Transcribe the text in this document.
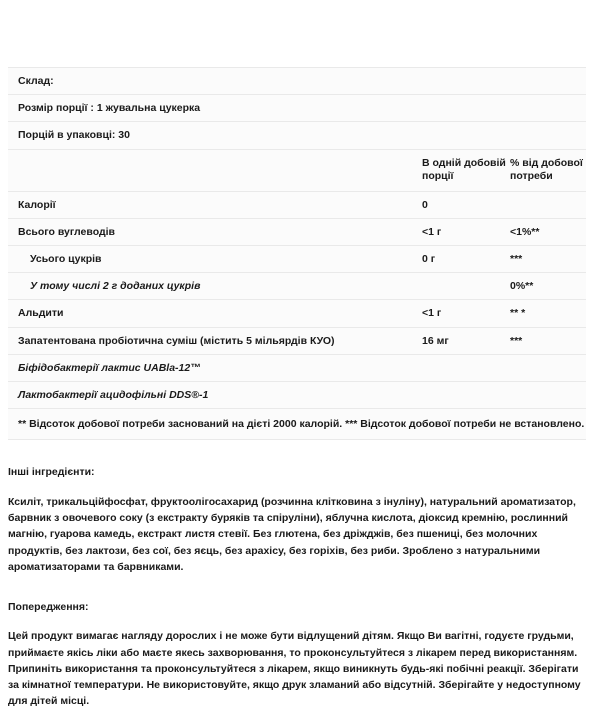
Склад:		
Розмір порції : 1 жувальна цукерка		
Порцій в упаковці: 30		
	В одній добовій порції	% від добової потреби
Калорії	0	
Всього вуглеводів	<1 г	<1%**
Усього цукрів	0 г	***
У тому числі 2 г доданих цукрів		0%**
Альдити	<1 г	** *
Запатентована пробіотична суміш (містить 5 мільярдів КУО)	16 мг	***
Біфідобактерії лактис UABla-12™		
Лактобактерії ацидофільні DDS®-1		
** Відсоток добової потреби заснований на дієті 2000 калорій. *** Відсоток добової потреби не встановлено.		
Інші інгредієнти:
Ксиліт, трикальційфосфат, фруктоолігосахарид (розчинна клітковина з інуліну), натуральний ароматизатор, барвник з овочевого соку (з екстракту буряків та спіруліни), яблучна кислота, діоксид кремнію, рослинний магнію, гуарова камедь, екстракт листя стевії. Без глютена, без дріжджів, без пшениці, без молочних продуктів, без лактози, без сої, без яєць, без арахісу, без горіхів, без риби. Зроблено з натуральними ароматизаторами та барвниками.
Попередження:
Цей продукт вимагає нагляду дорослих і не може бути відлущений дітям. Якщо Ви вагітні, годуєте грудьми, приймаєте якісь ліки або маєте якесь захворювання, то проконсультуйтеся з лікарем перед використанням. Припиніть використання та проконсультуйтеся з лікарем, якщо виникнуть будь-які побічні реакції. Зберігати за кімнатної температури. Не використовуйте, якщо друк зламаний або відсутній. Зберігайте у недоступному для дітей місці.
